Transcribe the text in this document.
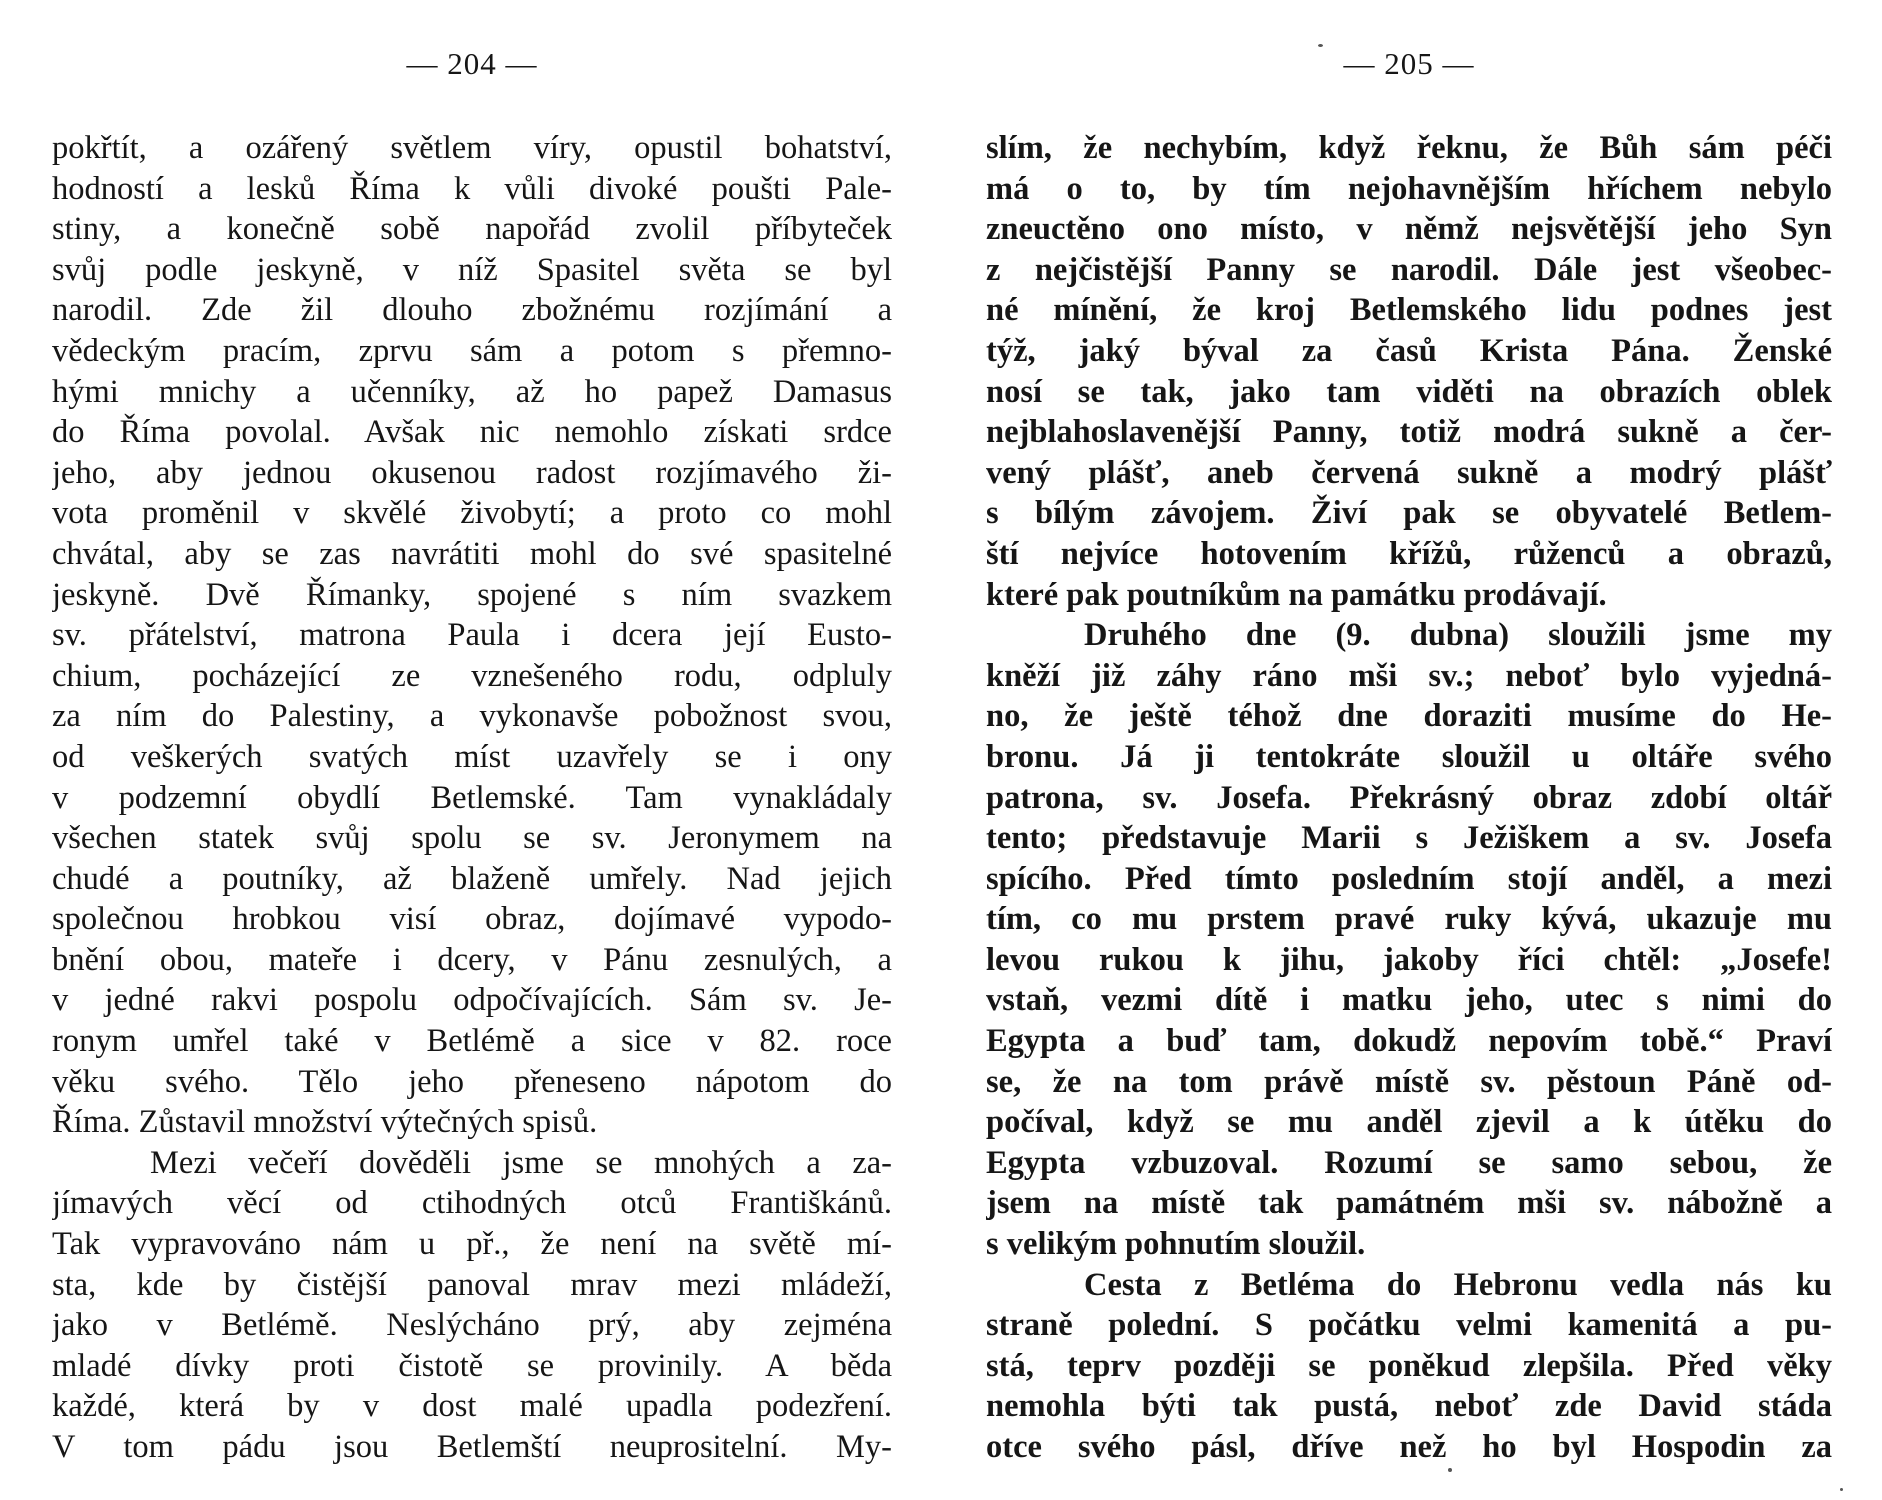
— 204 —
pokřtít, a ozářený světlem víry, opustil bohatství,
hodností a lesků Říma k vůli divoké poušti Pale-
stiny, a konečně sobě napořád zvolil příbyteček
svůj podle jeskyně, v níž Spasitel světa se byl
narodil. Zde žil dlouho zbožnému rozjímání a
vědeckým pracím, zprvu sám a potom s přemno-
hými mnichy a učenníky, až ho papež Damasus
do Říma povolal. Avšak nic nemohlo získati srdce
jeho, aby jednou okusenou radost rozjímavého ži-
vota proměnil v skvělé živobytí; a proto co mohl
chvátal, aby se zas navrátiti mohl do své spasitelné
jeskyně. Dvě Římanky, spojené s ním svazkem
sv. přátelství, matrona Paula i dcera její Eusto-
chium, pocházející ze vznešeného rodu, odpluly
za ním do Palestiny, a vykonavše pobožnost svou,
od veškerých svatých míst uzavřely se i ony
v podzemní obydlí Betlemské. Tam vynakládaly
všechen statek svůj spolu se sv. Jeronymem na
chudé a poutníky, až blaženě umřely. Nad jejich
společnou hrobkou visí obraz, dojímavé vypodo-
bnění obou, mateře i dcery, v Pánu zesnulých, a
v jedné rakvi pospolu odpočívajících. Sám sv. Je-
ronym umřel také v Betlémě a sice v 82. roce
věku svého. Tělo jeho přeneseno nápotom do
Říma. Zůstavil množství výtečných spisů.
Mezi večeří dověděli jsme se mnohých a za-
jímavých věcí od ctihodných otců Františkánů.
Tak vypravováno nám u př., že není na světě mí-
sta, kde by čistější panoval mrav mezi mládeží,
jako v Betlémě. Neslýcháno prý, aby zejména
mladé dívky proti čistotě se provinily. A běda
každé, která by v dost malé upadla podezření.
V tom pádu jsou Betlemští neuprositelní. My-
— 205 —
slím, že nechybím, když řeknu, že Bůh sám péči
má o to, by tím nejohavnějším hříchem nebylo
zneuctěno ono místo, v němž nejsvětější jeho Syn
z nejčistější Panny se narodil. Dále jest všeobec-
né mínění, že kroj Betlemského lidu podnes jest
týž, jaký býval za časů Krista Pána. Ženské
nosí se tak, jako tam viděti na obrazích oblek
nejblahoslavenější Panny, totiž modrá sukně a čer-
vený plášť, aneb červená sukně a modrý plášť
s bílým závojem. Živí pak se obyvatelé Betlem-
ští nejvíce hotovením křížů, růženců a obrazů,
které pak poutníkům na památku prodávají.
Druhého dne (9. dubna) sloužili jsme my
kněží již záhy ráno mši sv.; neboť bylo vyjedná-
no, že ještě téhož dne doraziti musíme do He-
bronu. Já ji tentokráte sloužil u oltáře svého
patrona, sv. Josefa. Překrásný obraz zdobí oltář
tento; představuje Marii s Ježiškem a sv. Josefa
spícího. Před tímto posledním stojí anděl, a mezi
tím, co mu prstem pravé ruky kývá, ukazuje mu
levou rukou k jihu, jakoby říci chtěl: „Josefe!
vstaň, vezmi dítě i matku jeho, utec s nimi do
Egypta a buď tam, dokudž nepovím tobě.“ Praví
se, že na tom právě místě sv. pěstoun Páně od-
počíval, když se mu anděl zjevil a k útěku do
Egypta vzbuzoval. Rozumí se samo sebou, že
jsem na místě tak památném mši sv. nábožně a
s velikým pohnutím sloužil.
Cesta z Betléma do Hebronu vedla nás ku
straně polední. S počátku velmi kamenitá a pu-
stá, teprv později se poněkud zlepšila. Před věky
nemohla býti tak pustá, neboť zde David stáda
otce svého pásl, dříve než ho byl Hospodin za
